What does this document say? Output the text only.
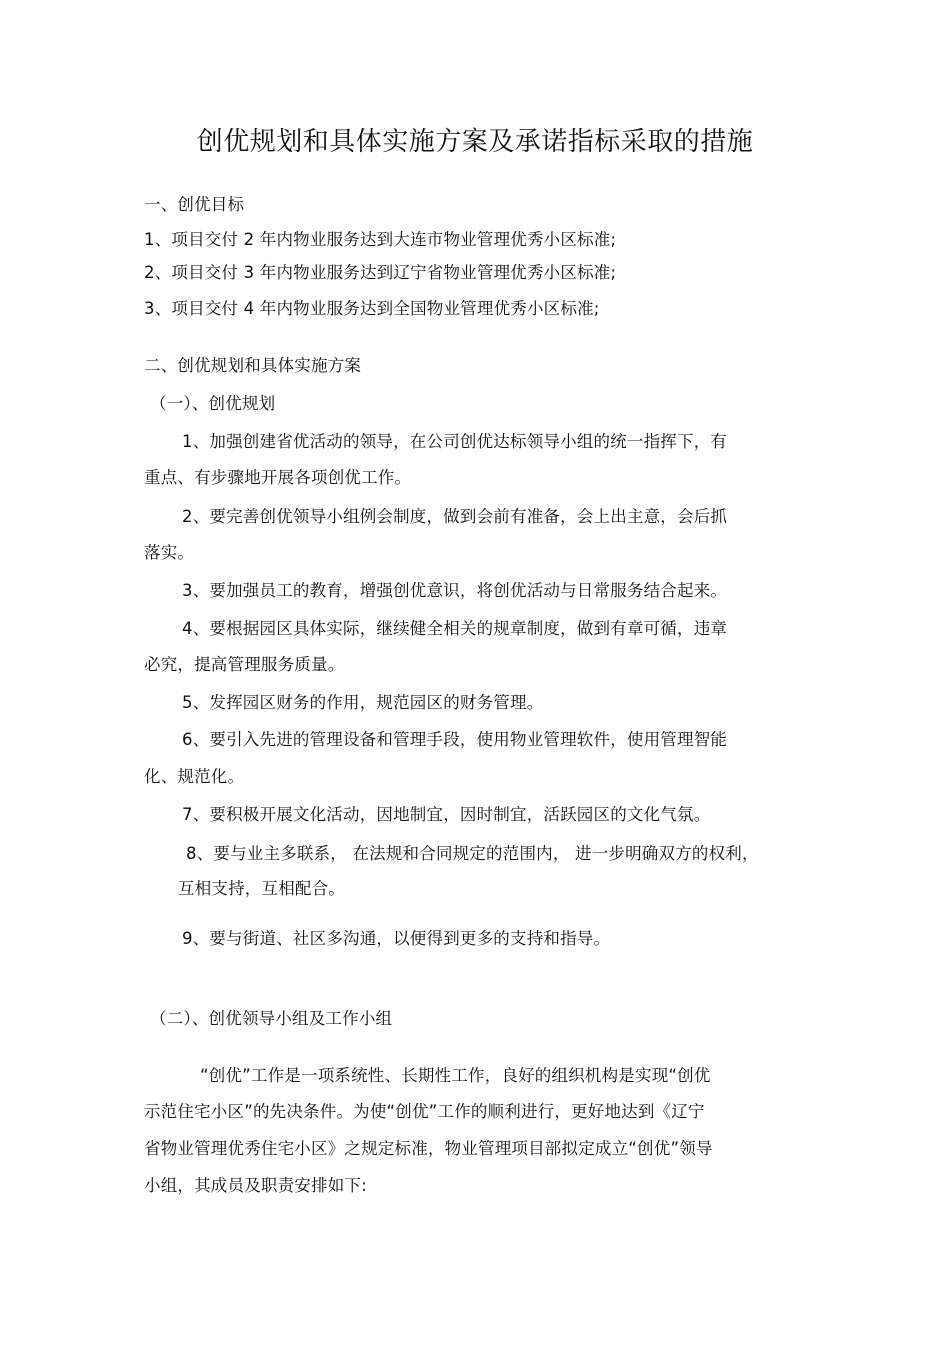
创优规划和具体实施方案及承诺指标采取的措施
一、创优目标
1、项目交付 2 年内物业服务达到大连市物业管理优秀小区标准;
2、项目交付 3 年内物业服务达到辽宁省物业管理优秀小区标准;
3、项目交付 4 年内物业服务达到全国物业管理优秀小区标准;
二、创优规划和具体实施方案
（一）、创优规划
1、加强创建省优活动的领导，在公司创优达标领导小组的统一指挥下，有
重点、有步骤地开展各项创优工作。
2、要完善创优领导小组例会制度，做到会前有准备，会上出主意，会后抓
落实。
3、要加强员工的教育，增强创优意识，将创优活动与日常服务结合起来。
4、要根据园区具体实际，继续健全相关的规章制度，做到有章可循，违章
必究，提高管理服务质量。
5、发挥园区财务的作用，规范园区的财务管理。
6、要引入先进的管理设备和管理手段，使用物业管理软件，使用管理智能
化、规范化。
7、要积极开展文化活动，因地制宜，因时制宜，活跃园区的文化气氛。
8、要与业主多联系， 在法规和合同规定的范围内， 进一步明确双方的权利，
互相支持，互相配合。
9、要与街道、社区多沟通，以便得到更多的支持和指导。
（二）、创优领导小组及工作小组
“创优”工作是一项系统性、长期性工作，良好的组织机构是实现“创优
示范住宅小区”的先决条件。为使“创优”工作的顺利进行，更好地达到《辽宁
省物业管理优秀住宅小区》之规定标准，物业管理项目部拟定成立“创优”领导
小组，其成员及职责安排如下:
